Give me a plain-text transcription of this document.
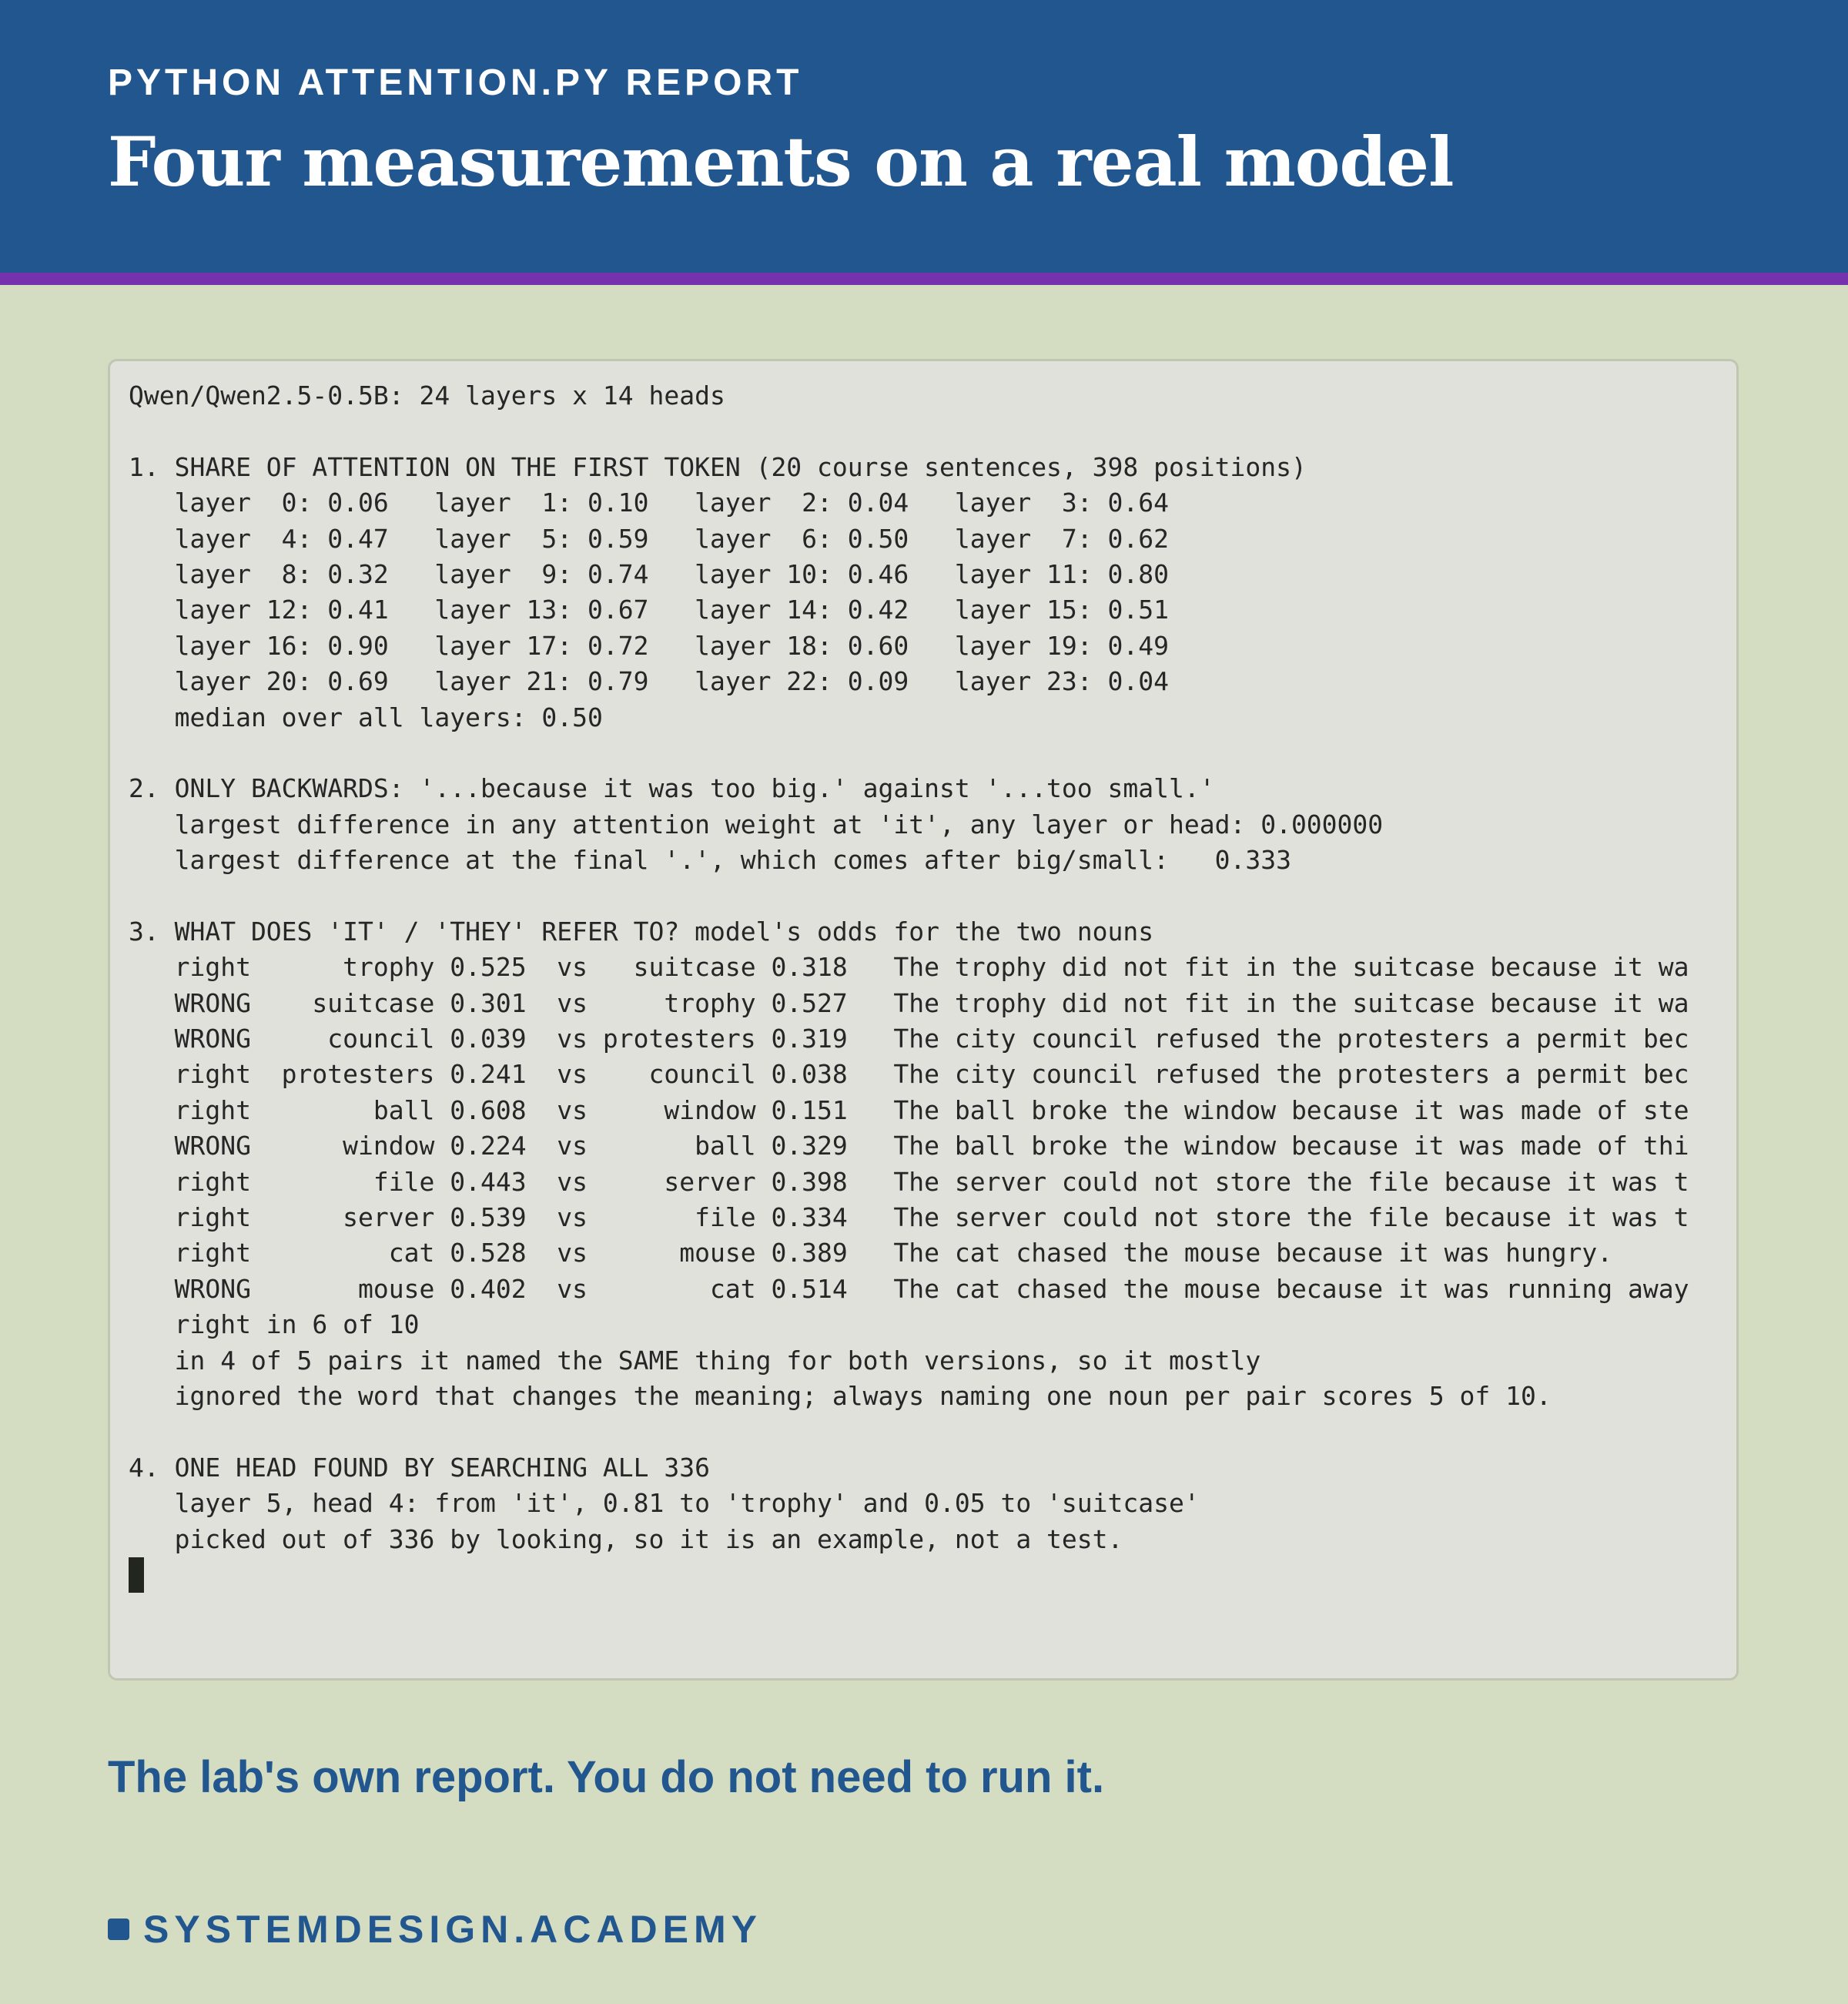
PYTHON ATTENTION.PY REPORT
Four measurements on a real model
Qwen/Qwen2.5-0.5B: 24 layers x 14 heads
1. SHARE OF ATTENTION ON THE FIRST TOKEN (20 course sentences, 398 positions)
layer  0: 0.06   layer  1: 0.10   layer  2: 0.04   layer  3: 0.64
layer  4: 0.47   layer  5: 0.59   layer  6: 0.50   layer  7: 0.62
layer  8: 0.32   layer  9: 0.74   layer 10: 0.46   layer 11: 0.80
layer 12: 0.41   layer 13: 0.67   layer 14: 0.42   layer 15: 0.51
layer 16: 0.90   layer 17: 0.72   layer 18: 0.60   layer 19: 0.49
layer 20: 0.69   layer 21: 0.79   layer 22: 0.09   layer 23: 0.04
median over all layers: 0.50
2. ONLY BACKWARDS: '...because it was too big.' against '...too small.'
largest difference in any attention weight at 'it', any layer or head: 0.000000
largest difference at the final '.', which comes after big/small:   0.333
3. WHAT DOES 'IT' / 'THEY' REFER TO? model's odds for the two nouns
right      trophy 0.525  vs   suitcase 0.318   The trophy did not fit in the suitcase because it wa
WRONG    suitcase 0.301  vs     trophy 0.527   The trophy did not fit in the suitcase because it wa
WRONG     council 0.039  vs protesters 0.319   The city council refused the protesters a permit bec
right  protesters 0.241  vs    council 0.038   The city council refused the protesters a permit bec
right        ball 0.608  vs     window 0.151   The ball broke the window because it was made of ste
WRONG      window 0.224  vs       ball 0.329   The ball broke the window because it was made of thi
right        file 0.443  vs     server 0.398   The server could not store the file because it was t
right      server 0.539  vs       file 0.334   The server could not store the file because it was t
right         cat 0.528  vs      mouse 0.389   The cat chased the mouse because it was hungry.
WRONG       mouse 0.402  vs        cat 0.514   The cat chased the mouse because it was running away
right in 6 of 10
in 4 of 5 pairs it named the SAME thing for both versions, so it mostly
ignored the word that changes the meaning; always naming one noun per pair scores 5 of 10.
4. ONE HEAD FOUND BY SEARCHING ALL 336
layer 5, head 4: from 'it', 0.81 to 'trophy' and 0.05 to 'suitcase'
picked out of 336 by looking, so it is an example, not a test.
The lab's own report. You do not need to run it.
SYSTEMDESIGN.ACADEMY
